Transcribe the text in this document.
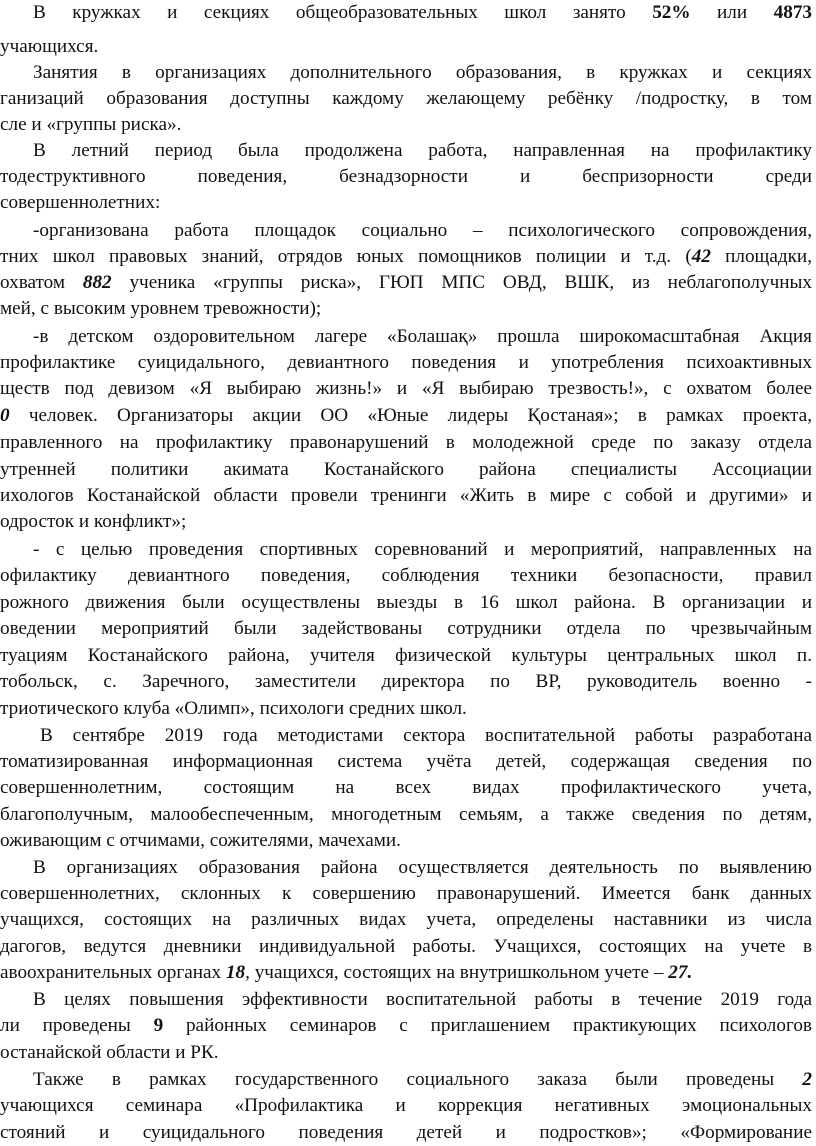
В кружках и секциях общеобразовательных школ занято 52% или 4873
учающихся.
Занятия в организациях дополнительного образования, в кружках и секциях
ганизаций образования доступны каждому желающему ребёнку /подростку, в том
сле и «группы риска».
В летний период была продолжена работа, направленная на профилактику
тодеструктивного поведения, безнадзорности и беспризорности среди
совершеннолетних:
-организована работа площадок социально – психологического сопровождения,
тних школ правовых знаний, отрядов юных помощников полиции и т.д. (42 площадки,
охватом 882 ученика «группы риска», ГЮП МПС ОВД, ВШК, из неблагополучных
мей, с высоким уровнем тревожности);
-в детском оздоровительном лагере «Болашақ» прошла широкомасштабная Акция
профилактике суицидального, девиантного поведения и употребления психоактивных
ществ под девизом «Я выбираю жизнь!» и «Я выбираю трезвость!», с охватом более
0 человек. Организаторы акции ОО «Юные лидеры Қостаная»; в рамках проекта,
правленного на профилактику правонарушений в молодежной среде по заказу отдела
утренней политики акимата Костанайского района специалисты Ассоциации
ихологов Костанайской области провели тренинги «Жить в мире с собой и другими» и
одросток и конфликт»;
- с целью проведения спортивных соревнований и мероприятий, направленных на
офилактику девиантного поведения, соблюдения техники безопасности, правил
рожного движения были осуществлены выезды в 16 школ района. В организации и
оведении мероприятий были задействованы сотрудники отдела по чрезвычайным
туациям Костанайского района, учителя физической культуры центральных школ п.
тобольск, с. Заречного, заместители директора по ВР, руководитель военно -
триотического клуба «Олимп», психологи средних школ.
В сентябре 2019 года методистами сектора воспитательной работы разработана
томатизированная информационная система учёта детей, содержащая сведения по
совершеннолетним, состоящим на всех видах профилактического учета,
благополучным, малообеспеченным, многодетным семьям, а также сведения по детям,
оживающим с отчимами, сожителями, мачехами.
В организациях образования района осуществляется деятельность по выявлению
совершеннолетних, склонных к совершению правонарушений. Имеется банк данных
учащихся, состоящих на различных видах учета, определены наставники из числа
дагогов, ведутся дневники индивидуальной работы. Учащихся, состоящих на учете в
авоохранительных органах 18, учащихся, состоящих на внутришкольном учете – 27.
В целях повышения эффективности воспитательной работы в течение 2019 года
ли проведены 9 районных семинаров с приглашением практикующих психологов
останайской области и РК.
Также в рамках государственного социального заказа были проведены 2
учающихся семинара «Профилактика и коррекция негативных эмоциональных
стояний и суицидального поведения детей и подростков»; «Формирование
